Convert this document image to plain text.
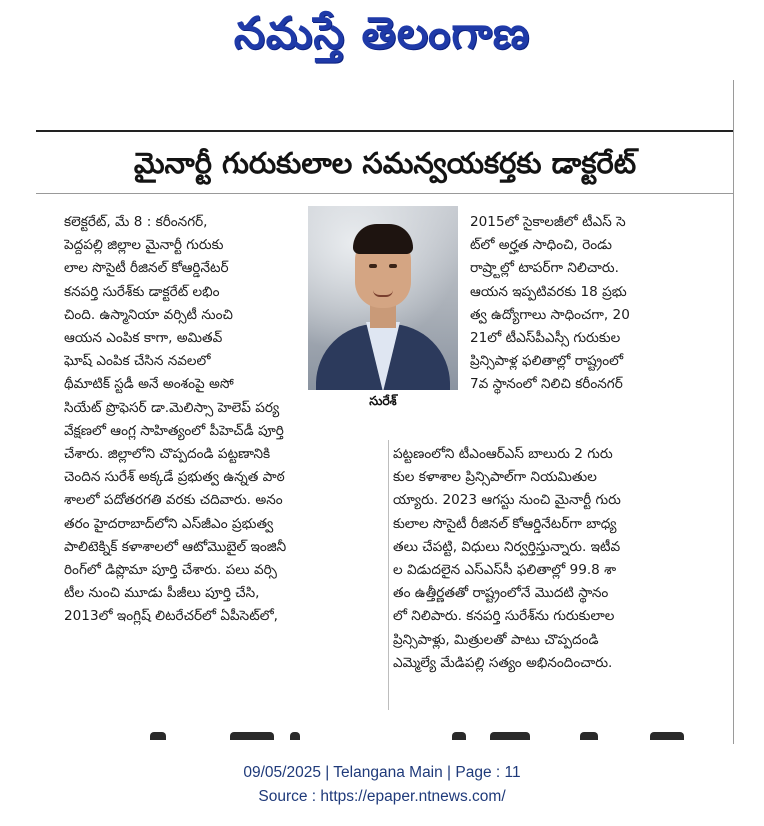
నమస్తే తెలంగాణ
మైనార్టీ గురుకులాల సమన్వయకర్తకు డాక్టరేట్
సురేశ్
కలెక్టరేట్, మే 8 : కరీంనగర్,
పెద్దపల్లి జిల్లాల మైనార్టీ గురుకు
లాల సొసైటీ రీజినల్ కోఆర్డినేటర్
కనపర్తి సురేశ్‌కు డాక్టరేట్ లభిం
చింది. ఉస్మానియా వర్సిటీ నుంచి
ఆయన ఎంపిక కాగా, అమితవ్
ఘోష్ ఎంపిక చేసిన నవలలో
థీమాటిక్ స్టడీ అనే అంశంపై అసో
సియేట్ ప్రొఫెసర్ డా.మెలిస్సా హెలెప్ పర్య
వేక్షణలో ఆంగ్ల సాహిత్యంలో పీహెచ్‌డీ పూర్తి
చేశారు. జిల్లాలోని చొప్పదండి పట్టణానికి
చెందిన సురేశ్ అక్కడే ప్రభుత్వ ఉన్నత పాఠ
శాలలో పదోతరగతి వరకు చదివారు. అనం
తరం హైదరాబాద్‌లోని ఎస్‌జీఎం ప్రభుత్వ
పాలిటెక్నిక్ కళాశాలలో ఆటోమొబైల్ ఇంజినీ
రింగ్‌లో డిప్లొమా పూర్తి చేశారు. పలు వర్సి
టీల నుంచి మూడు పీజీలు పూర్తి చేసి,
2013లో ఇంగ్లిష్ లిటరేచర్‌లో ఏపీసెట్‌లో,
2015లో సైకాలజీలో టీఎస్ సె
ట్‌లో అర్హత సాధించి, రెండు
రాష్ర్టాల్లో టాపర్‌గా నిలిచారు.
ఆయన ఇప్పటివరకు 18 ప్రభు
త్వ ఉద్యోగాలు సాధించగా, 20
21లో టీఎస్‌పీఎస్సీ గురుకుల
ప్రిన్సిపాళ్ల ఫలితాల్లో రాష్ట్రంలో
7వ స్థానంలో నిలిచి కరీంనగర్
పట్టణంలోని టీఎంఆర్‌ఎస్ బాలురు 2 గురు
కుల కళాశాల ప్రిన్సిపాల్‌గా నియమితుల
య్యారు. 2023 ఆగస్టు నుంచి మైనార్టీ గురు
కులాల సొసైటీ రీజినల్ కోఆర్డినేటర్‌గా బాధ్య
తలు చేపట్టి, విధులు నిర్వర్తిస్తున్నారు. ఇటీవ
ల విడుదలైన ఎస్ఎస్‌సీ ఫలితాల్లో 99.8 శా
తం ఉత్తీర్ణతతో రాష్ట్రంలోనే మొదటి స్థానం
లో నిలిపారు. కనపర్తి సురేశ్‌ను గురుకులాల
ప్రిన్సిపాళ్లు, మిత్రులతో పాటు చొప్పదండి
ఎమ్మెల్యే మేడిపల్లి సత్యం అభినందించారు.
09/05/2025 | Telangana Main | Page : 11
Source : https://epaper.ntnews.com/
